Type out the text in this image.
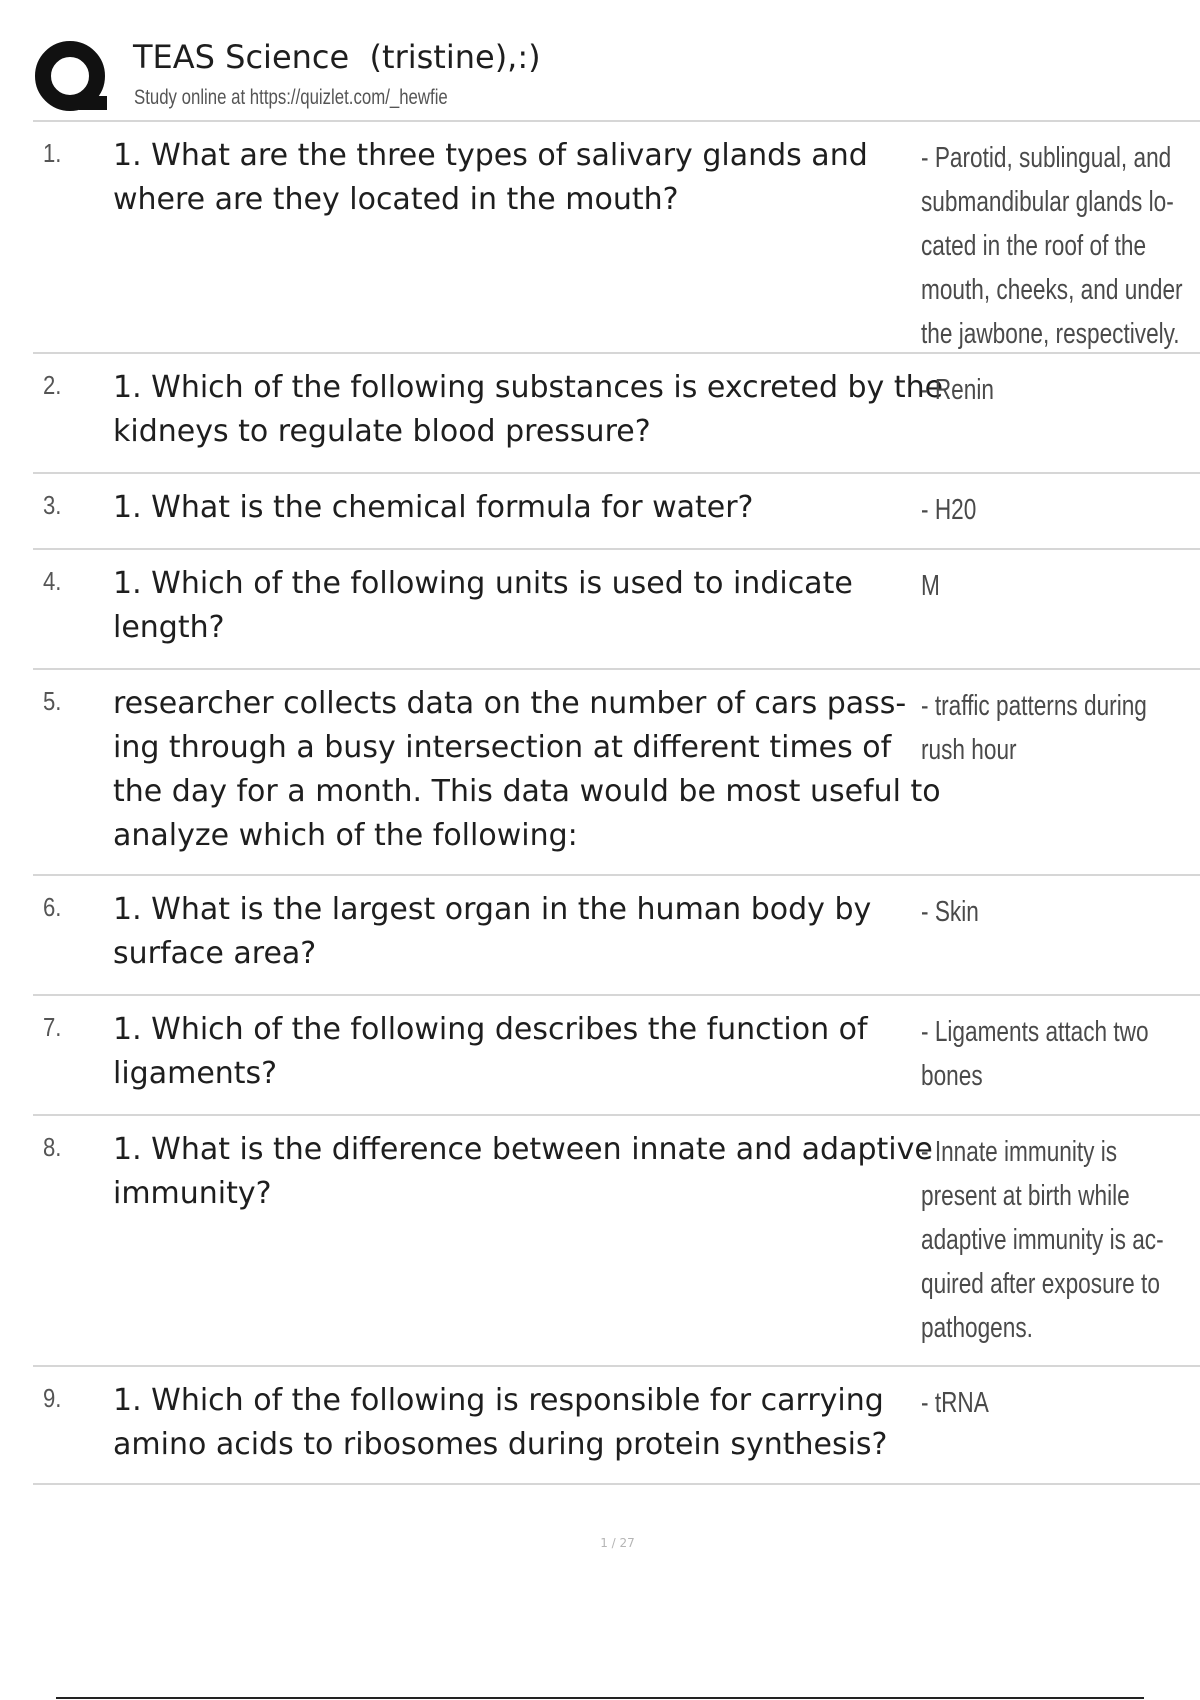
TEAS Science  (tristine),:)
Study online at https://quizlet.com/_hewfie
1. 1. What are the three types of salivary glands and where are they located in the mouth?
- Parotid, sublingual, and submandibular glands lo- cated in the roof of the mouth, cheeks, and under the jawbone, respectively.
2. 1. Which of the following substances is excreted by the kidneys to regulate blood pressure?
- Renin
3. 1. What is the chemical formula for water?	- H20
4. 1. Which of the following units is used to indicate length?
M
5. researcher collects data on the number of cars pass- ing through a busy intersection at different times of the day for a month. This data would be most useful to analyze which of the following:
- traffic patterns during rush hour
6. 1. What is the largest organ in the human body by surface area?
- Skin
7. 1. Which of the following describes the function of ligaments?
- Ligaments attach two bones
8. 1. What is the difference between innate and adaptive immunity?
- Innate immunity is present at birth while adaptive immunity is ac- quired after exposure to pathogens.
9. 1. Which of the following is responsible for carrying amino acids to ribosomes during protein synthesis?
- tRNA
1 / 27
